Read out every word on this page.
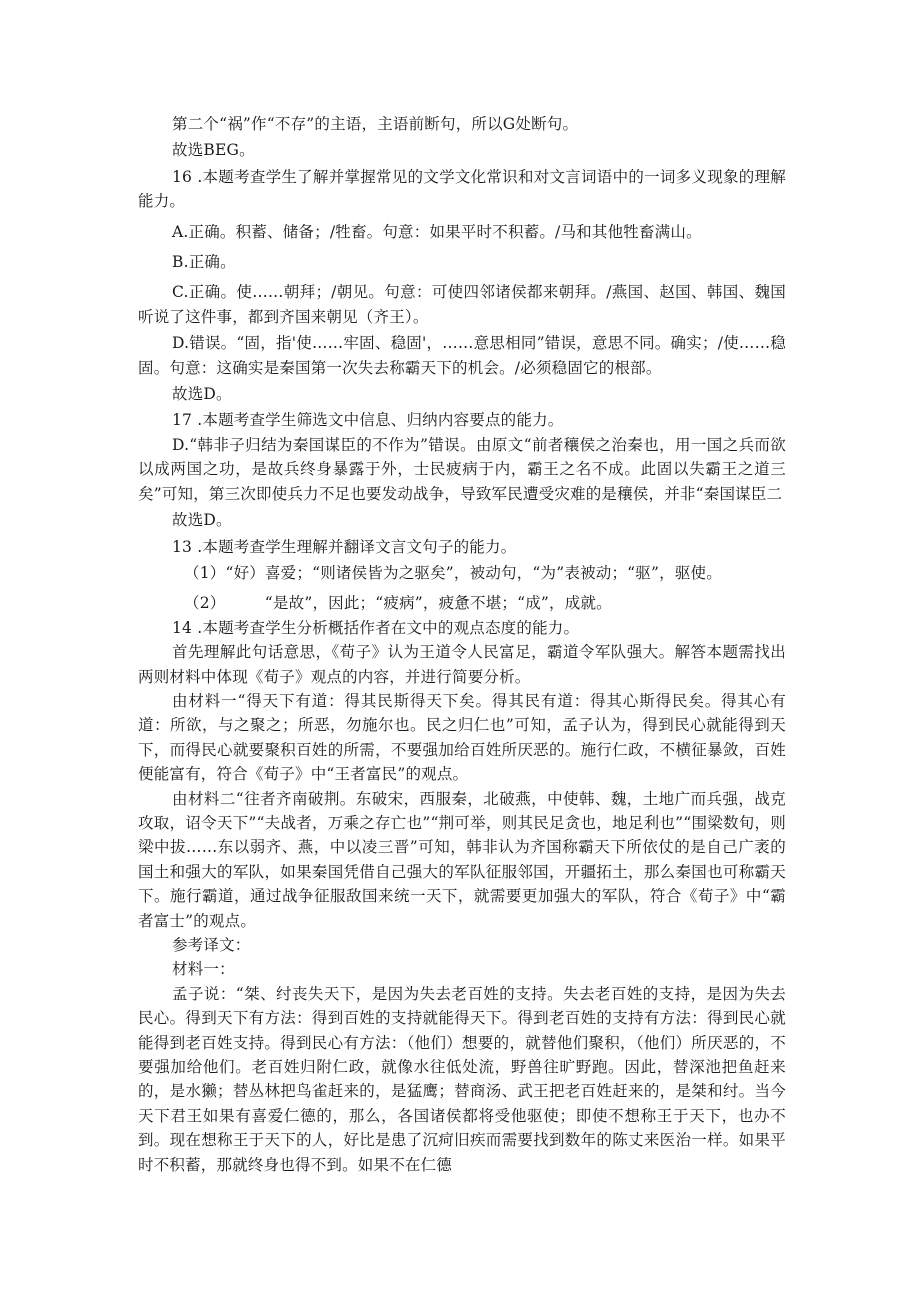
第二个“祸”作“不存”的主语，主语前断句，所以G处断句。

故选BEG。

16 .本题考查学生了解并掌握常见的文学文化常识和对文言词语中的一词多义现象的理解能力。

A.正确。积蓄、储备；/牲畜。句意：如果平时不积蓄。/马和其他牲畜满山。

B.正确。

C.正确。使……朝拜；/朝见。句意：可使四邻诸侯都来朝拜。/燕国、赵国、韩国、魏国听说了这件事，都到齐国来朝见（齐王）。

D.错误。“固，指'使……牢固、稳固'，……意思相同”错误，意思不同。确实；/使……稳固。句意：这确实是秦国第一次失去称霸天下的机会。/必须稳固它的根部。

故选D。

17 .本题考查学生筛选文中信息、归纳内容要点的能力。

D.“韩非子归结为秦国谋臣的不作为”错误。由原文“前者穰侯之治秦也，用一国之兵而欲以成两国之功，是故兵终身暴露于外，士民疲病于内，霸王之名不成。此固以失霸王之道三矣”可知，第三次即使兵力不足也要发动战争，导致军民遭受灾难的是穰侯，并非“秦国谋臣二

故选D。

13 .本题考查学生理解并翻译文言文句子的能力。

（1）“好）喜爱；“则诸侯皆为之驱矣”，被动句，“为”表被动；“驱”，驱使。

（2）　　　“是故”，因此；“疲病”，疲惫不堪；“成”，成就。

14 .本题考查学生分析概括作者在文中的观点态度的能力。

首先理解此句话意思，《荀子》认为王道令人民富足，霸道令军队强大。解答本题需找出两则材料中体现《荀子》观点的内容，并进行简要分析。

由材料一“得天下有道：得其民斯得天下矣。得其民有道：得其心斯得民矣。得其心有道：所欲，与之聚之；所恶，勿施尔也。民之归仁也”可知，孟子认为，得到民心就能得到天下，而得民心就要聚积百姓的所需，不要强加给百姓所厌恶的。施行仁政，不横征暴敛，百姓便能富有，符合《荀子》中“王者富民”的观点。

由材料二“往者齐南破荆。东破宋，西服秦，北破燕，中使韩、魏，土地广而兵强，战克攻取，诏令天下”“夫战者，万乘之存亡也”“荆可举，则其民足贪也，地足利也”“围梁数旬，则梁中拔……东以弱齐、燕，中以凌三晋”可知，韩非认为齐国称霸天下所依仗的是自己广袤的国土和强大的军队，如果秦国凭借自己强大的军队征服邻国，开疆拓土，那么秦国也可称霸天下。施行霸道，通过战争征服敌国来统一天下，就需要更加强大的军队，符合《荀子》中“霸者富士”的观点。

参考译文：

材料一：

孟子说：“桀、纣丧失天下，是因为失去老百姓的支持。失去老百姓的支持，是因为失去民心。得到天下有方法：得到百姓的支持就能得天下。得到老百姓的支持有方法：得到民心就能得到老百姓支持。得到民心有方法：（他们）想要的，就替他们聚积，（他们）所厌恶的，不要强加给他们。老百姓归附仁政，就像水往低处流，野兽往旷野跑。因此，替深池把鱼赶来的，是水獭；替丛林把鸟雀赶来的，是猛鹰；替商汤、武王把老百姓赶来的，是桀和纣。当今天下君王如果有喜爱仁德的，那么，各国诸侯都将受他驱使；即使不想称王于天下，也办不到。现在想称王于天下的人，好比是患了沉疴旧疾而需要找到数年的陈丈来医治一样。如果平时不积蓄，那就终身也得不到。如果不在仁德
